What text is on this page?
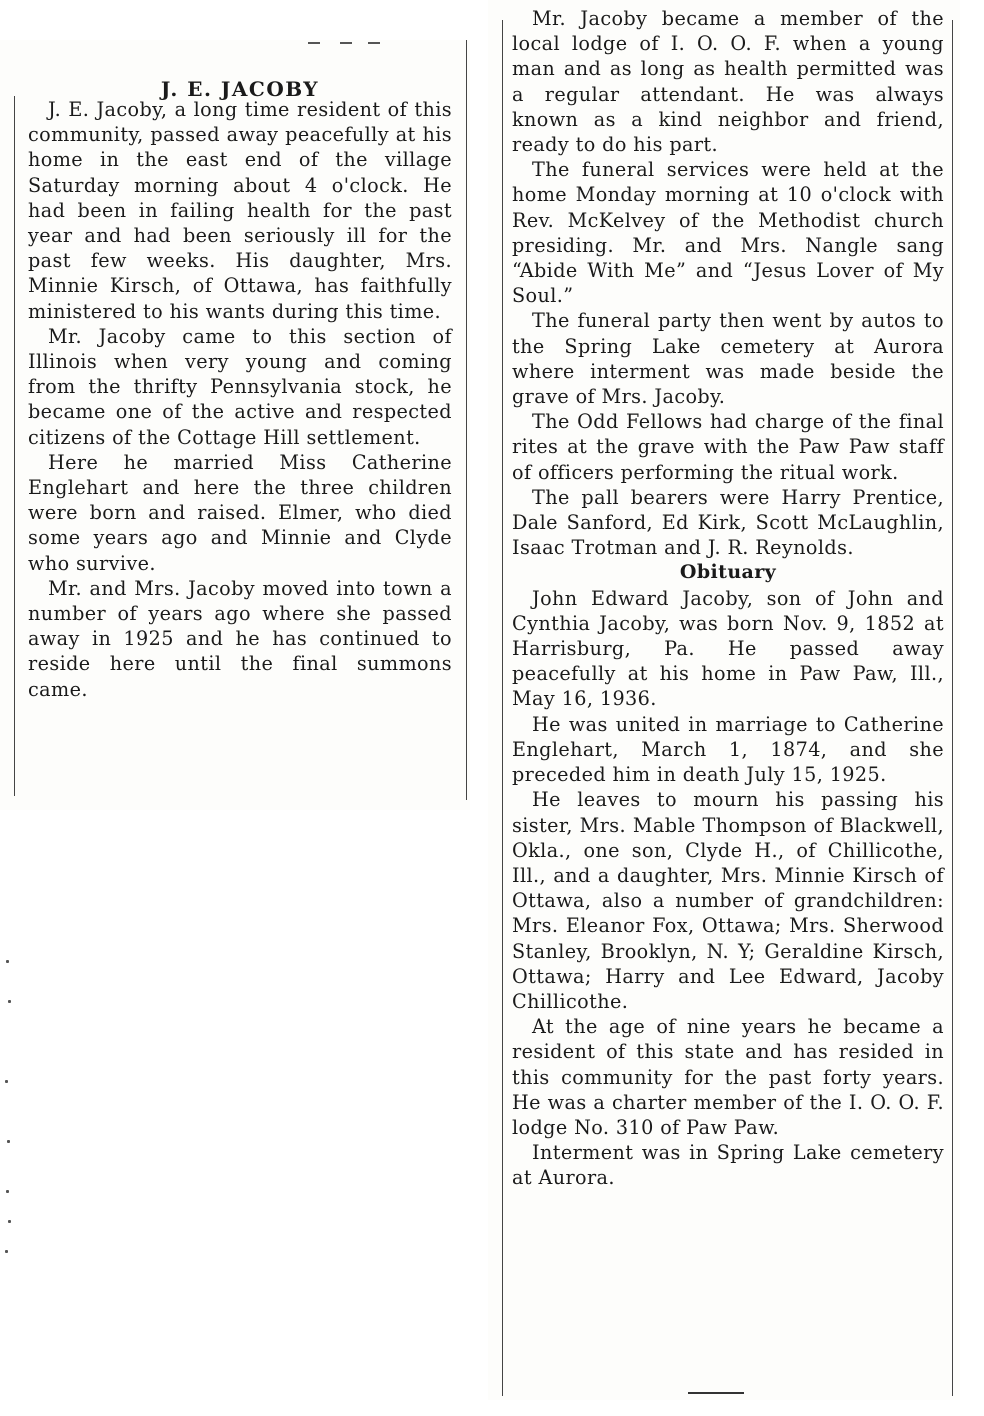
J. E. JACOBY

J. E. Jacoby, a long time resident of this community, passed away peacefully at his home in the east end of the village Saturday morning about 4 o'clock. He had been in failing health for the past year and had been seriously ill for the past few weeks. His daughter, Mrs. Minnie Kirsch, of Ottawa, has faithfully ministered to his wants during this time.

Mr. Jacoby came to this section of Illinois when very young and coming from the thrifty Pennsylvania stock, he became one of the active and respected citizens of the Cottage Hill settlement.

Here he married Miss Catherine Englehart and here the three children were born and raised. Elmer, who died some years ago and Minnie and Clyde who survive.

Mr. and Mrs. Jacoby moved into town a number of years ago where she passed away in 1925 and he has continued to reside here until the final summons came.

Mr. Jacoby became a member of the local lodge of I. O. O. F. when a young man and as long as health permitted was a regular attendant. He was always known as a kind neighbor and friend, ready to do his part.

The funeral services were held at the home Monday morning at 10 o'clock with Rev. McKelvey of the Methodist church presiding. Mr. and Mrs. Nangle sang “Abide With Me” and “Jesus Lover of My Soul.”

The funeral party then went by autos to the Spring Lake cemetery at Aurora where interment was made beside the grave of Mrs. Jacoby.

The Odd Fellows had charge of the final rites at the grave with the Paw Paw staff of officers performing the ritual work.

The pall bearers were Harry Prentice, Dale Sanford, Ed Kirk, Scott McLaughlin, Isaac Trotman and J. R. Reynolds.

Obituary

John Edward Jacoby, son of John and Cynthia Jacoby, was born Nov. 9, 1852 at Harrisburg, Pa. He passed away peacefully at his home in Paw Paw, Ill., May 16, 1936.

He was united in marriage to Catherine Englehart, March 1, 1874, and she preceded him in death July 15, 1925.

He leaves to mourn his passing his sister, Mrs. Mable Thompson of Blackwell, Okla., one son, Clyde H., of Chillicothe, Ill., and a daughter, Mrs. Minnie Kirsch of Ottawa, also a number of grandchildren: Mrs. Eleanor Fox, Ottawa; Mrs. Sherwood Stanley, Brooklyn, N. Y; Geraldine Kirsch, Ottawa; Harry and Lee Edward, Jacoby Chillicothe.

At the age of nine years he became a resident of this state and has resided in this community for the past forty years. He was a charter member of the I. O. O. F. lodge No. 310 of Paw Paw.

Interment was in Spring Lake cemetery at Aurora.
